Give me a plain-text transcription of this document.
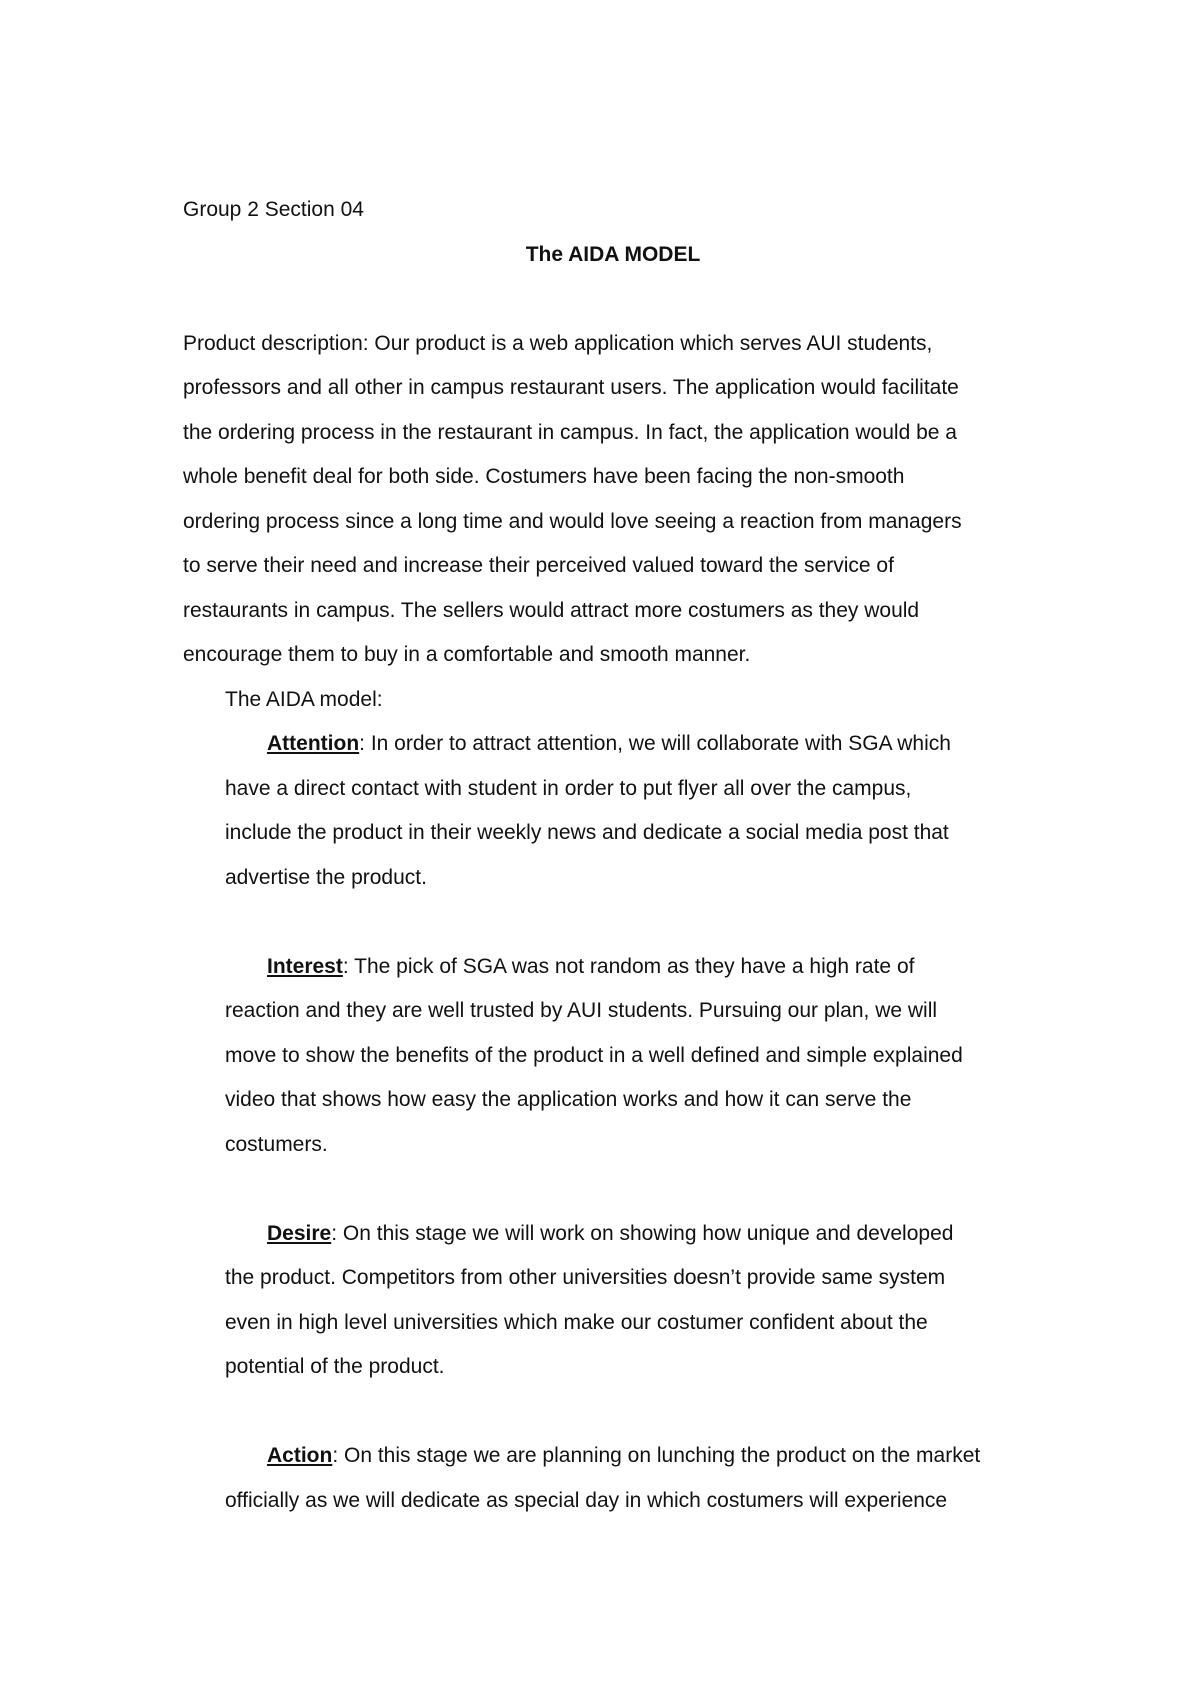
Group 2 Section 04
The AIDA MODEL
Product description: Our product is a web application which serves AUI students,
professors and all other in campus restaurant users. The application would facilitate
the ordering process in the restaurant in campus. In fact, the application would be a
whole benefit deal for both side. Costumers have been facing the non-smooth
ordering process since a long time and would love seeing a reaction from managers
to serve their need and increase their perceived valued toward the service of
restaurants in campus. The sellers would attract more costumers as they would
encourage them to buy in a comfortable and smooth manner.
The AIDA model:
Attention: In order to attract attention, we will collaborate with SGA which
have a direct contact with student in order to put flyer all over the campus,
include the product in their weekly news and dedicate a social media post that
advertise the product.
Interest: The pick of SGA was not random as they have a high rate of
reaction and they are well trusted by AUI students. Pursuing our plan, we will
move to show the benefits of the product in a well defined and simple explained
video that shows how easy the application works and how it can serve the
costumers.
Desire: On this stage we will work on showing how unique and developed
the product. Competitors from other universities doesn’t provide same system
even in high level universities which make our costumer confident about the
potential of the product.
Action: On this stage we are planning on lunching the product on the market
officially as we will dedicate as special day in which costumers will experience
